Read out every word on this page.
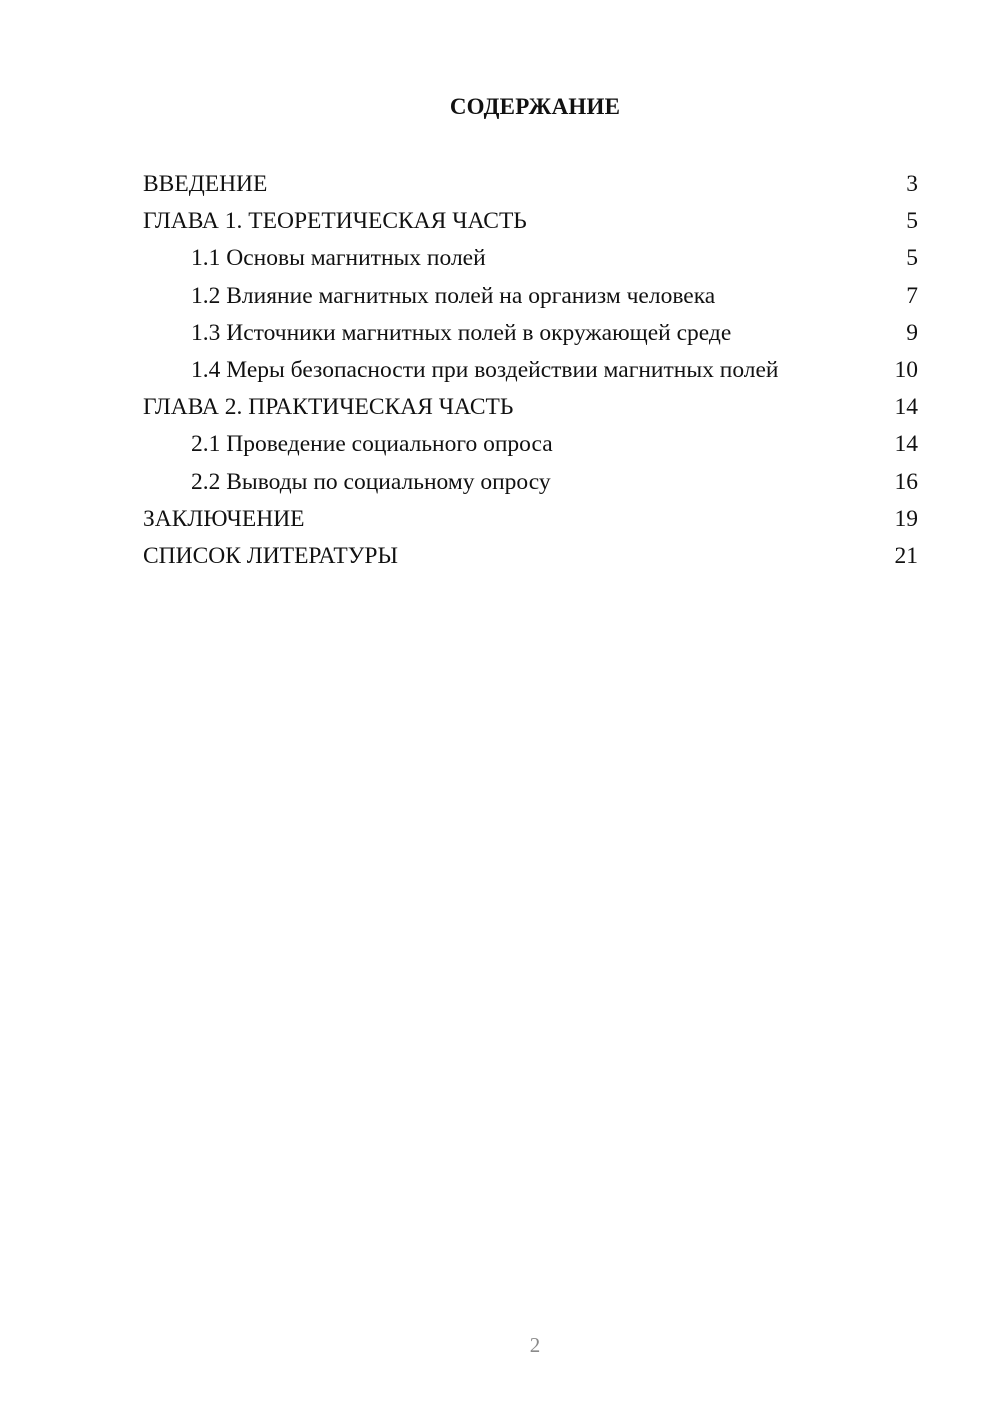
СОДЕРЖАНИЕ
ВВЕДЕНИЕ	3
ГЛАВА 1. ТЕОРЕТИЧЕСКАЯ ЧАСТЬ	5
1.1 Основы магнитных полей	5
1.2 Влияние магнитных полей на организм человека	7
1.3 Источники магнитных полей в окружающей среде	9
1.4 Меры безопасности при воздействии магнитных полей	10
ГЛАВА 2. ПРАКТИЧЕСКАЯ ЧАСТЬ	14
2.1 Проведение социального опроса	14
2.2 Выводы по социальному опросу	16
ЗАКЛЮЧЕНИЕ	19
СПИСОК ЛИТЕРАТУРЫ	21
2
